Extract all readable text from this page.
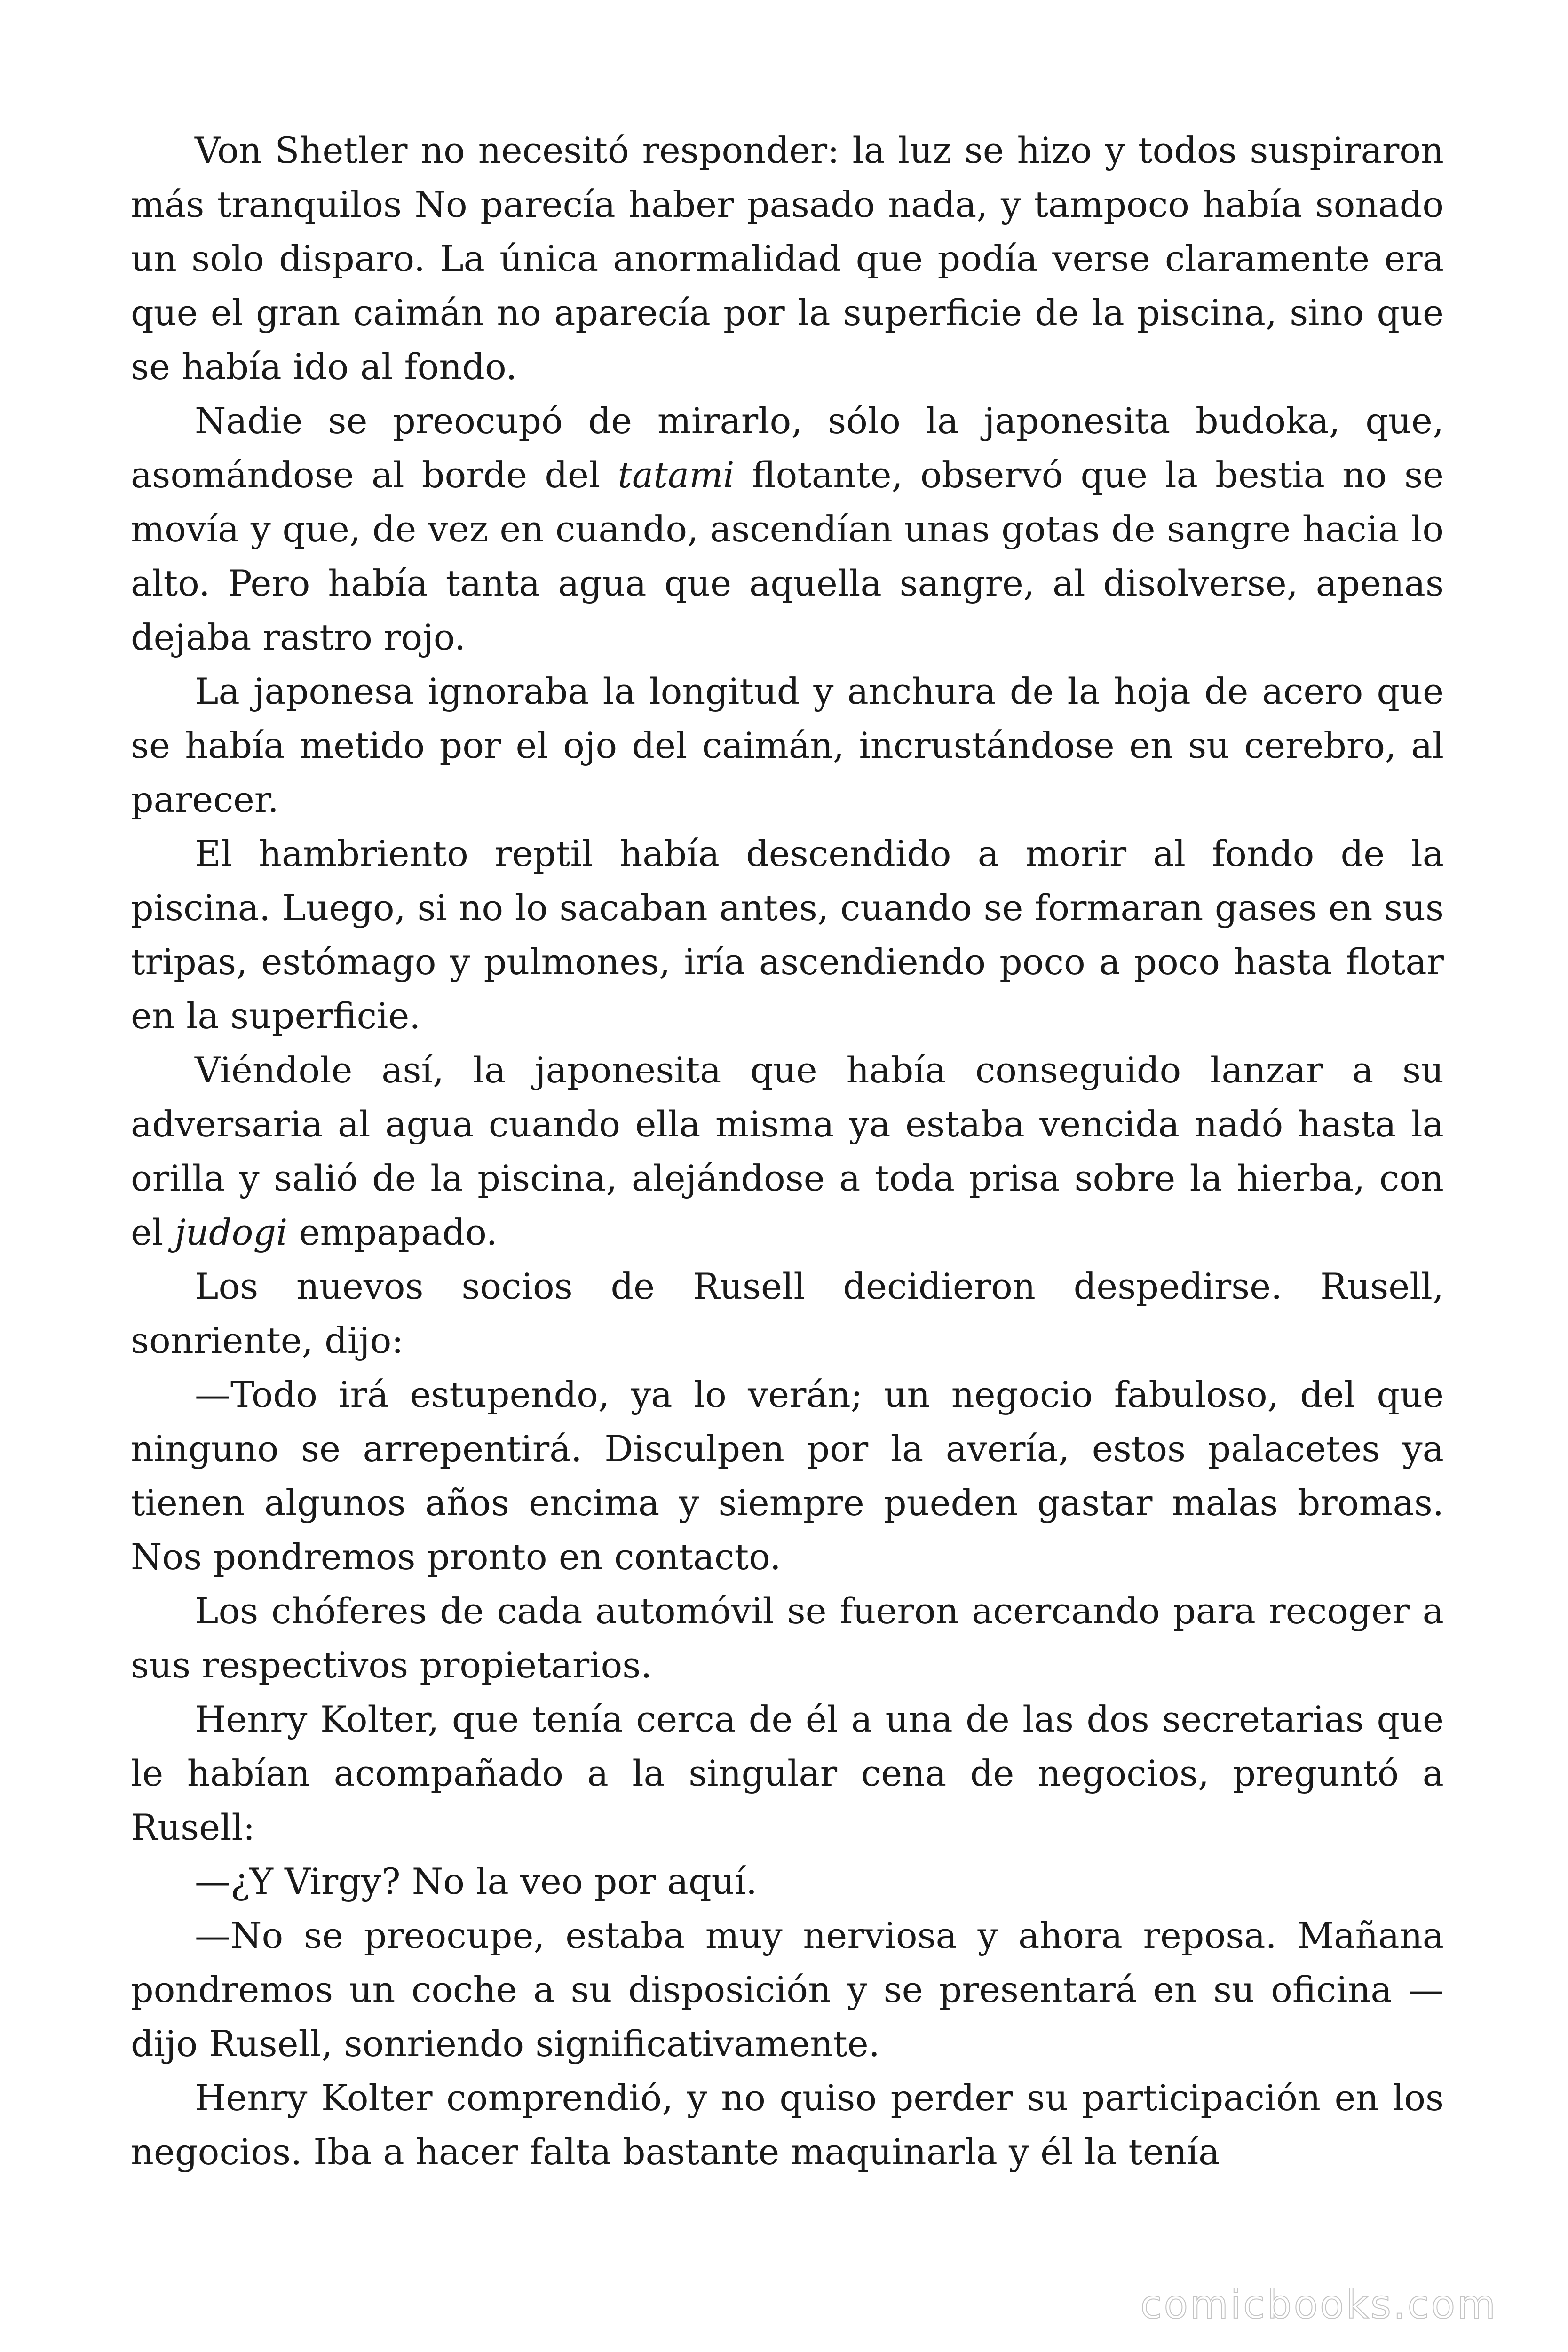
Von Shetler no necesitó responder: la luz se hizo y todos suspiraron más tranquilos No parecía haber pasado nada, y tampoco había sonado un solo disparo. La única anormalidad que podía verse claramente era que el gran caimán no aparecía por la superficie de la piscina, sino que se había ido al fondo.

Nadie se preocupó de mirarlo, sólo la japonesita budoka, que, asomándose al borde del tatami flotante, observó que la bestia no se movía y que, de vez en cuando, ascendían unas gotas de sangre hacia lo alto. Pero había tanta agua que aquella sangre, al disolverse, apenas dejaba rastro rojo.

La japonesa ignoraba la longitud y anchura de la hoja de acero que se había metido por el ojo del caimán, incrustándose en su cerebro, al parecer.

El hambriento reptil había descendido a morir al fondo de la piscina. Luego, si no lo sacaban antes, cuando se formaran gases en sus tripas, estómago y pulmones, iría ascendiendo poco a poco hasta flotar en la superficie.

Viéndole así, la japonesita que había conseguido lanzar a su adversaria al agua cuando ella misma ya estaba vencida nadó hasta la orilla y salió de la piscina, alejándose a toda prisa sobre la hierba, con el judogi empapado.

Los nuevos socios de Rusell decidieron despedirse. Rusell, sonriente, dijo:

—Todo irá estupendo, ya lo verán; un negocio fabuloso, del que ninguno se arrepentirá. Disculpen por la avería, estos palacetes ya tienen algunos años encima y siempre pueden gastar malas bromas. Nos pondremos pronto en contacto.

Los chóferes de cada automóvil se fueron acercando para recoger a sus respectivos propietarios.

Henry Kolter, que tenía cerca de él a una de las dos secretarias que le habían acompañado a la singular cena de negocios, preguntó a Rusell:

—¿Y Virgy? No la veo por aquí.

—No se preocupe, estaba muy nerviosa y ahora reposa. Mañana pondremos un coche a su disposición y se presentará en su oficina —dijo Rusell, sonriendo significativamente.

Henry Kolter comprendió, y no quiso perder su participación en los negocios. Iba a hacer falta bastante maquinarla y él la tenía

comicbooks.com
